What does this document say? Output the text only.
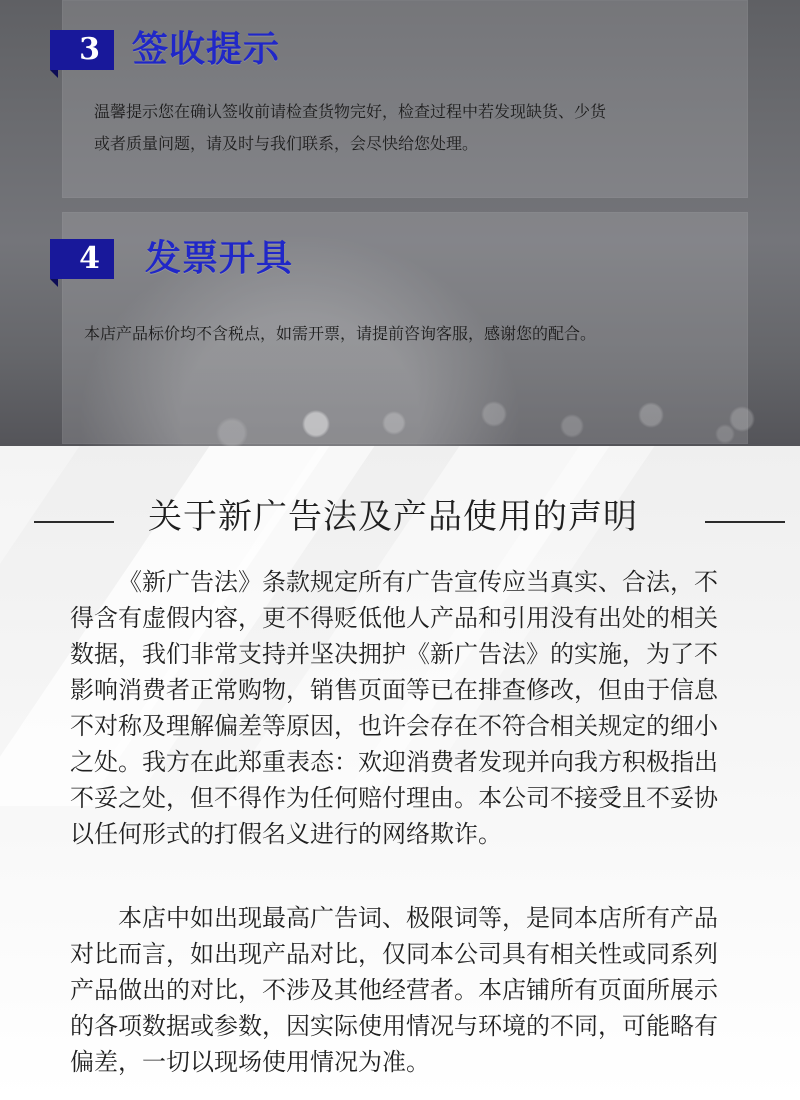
3 签收提示
温馨提示您在确认签收前请检查货物完好，检查过程中若发现缺货、少货
或者质量问题，请及时与我们联系，会尽快给您处理。
4	发票开具
本店产品标价均不含税点，如需开票，请提前咨询客服，感谢您的配合。
关于新广告法及产品使用的声明
《新广告法》条款规定所有广告宣传应当真实、合法，不
得含有虚假内容，更不得贬低他人产品和引用没有出处的相关
数据，我们非常支持并坚决拥护《新广告法》的实施，为了不
影响消费者正常购物，销售页面等已在排查修改，但由于信息
不对称及理解偏差等原因，也许会存在不符合相关规定的细小
之处。我方在此郑重表态：欢迎消费者发现并向我方积极指出
不妥之处，但不得作为任何赔付理由。本公司不接受且不妥协
以任何形式的打假名义进行的网络欺诈。
本店中如出现最高广告词、极限词等，是同本店所有产品
对比而言，如出现产品对比，仅同本公司具有相关性或同系列
产品做出的对比，不涉及其他经营者。本店铺所有页面所展示
的各项数据或参数，因实际使用情况与环境的不同，可能略有
偏差，一切以现场使用情况为准。
